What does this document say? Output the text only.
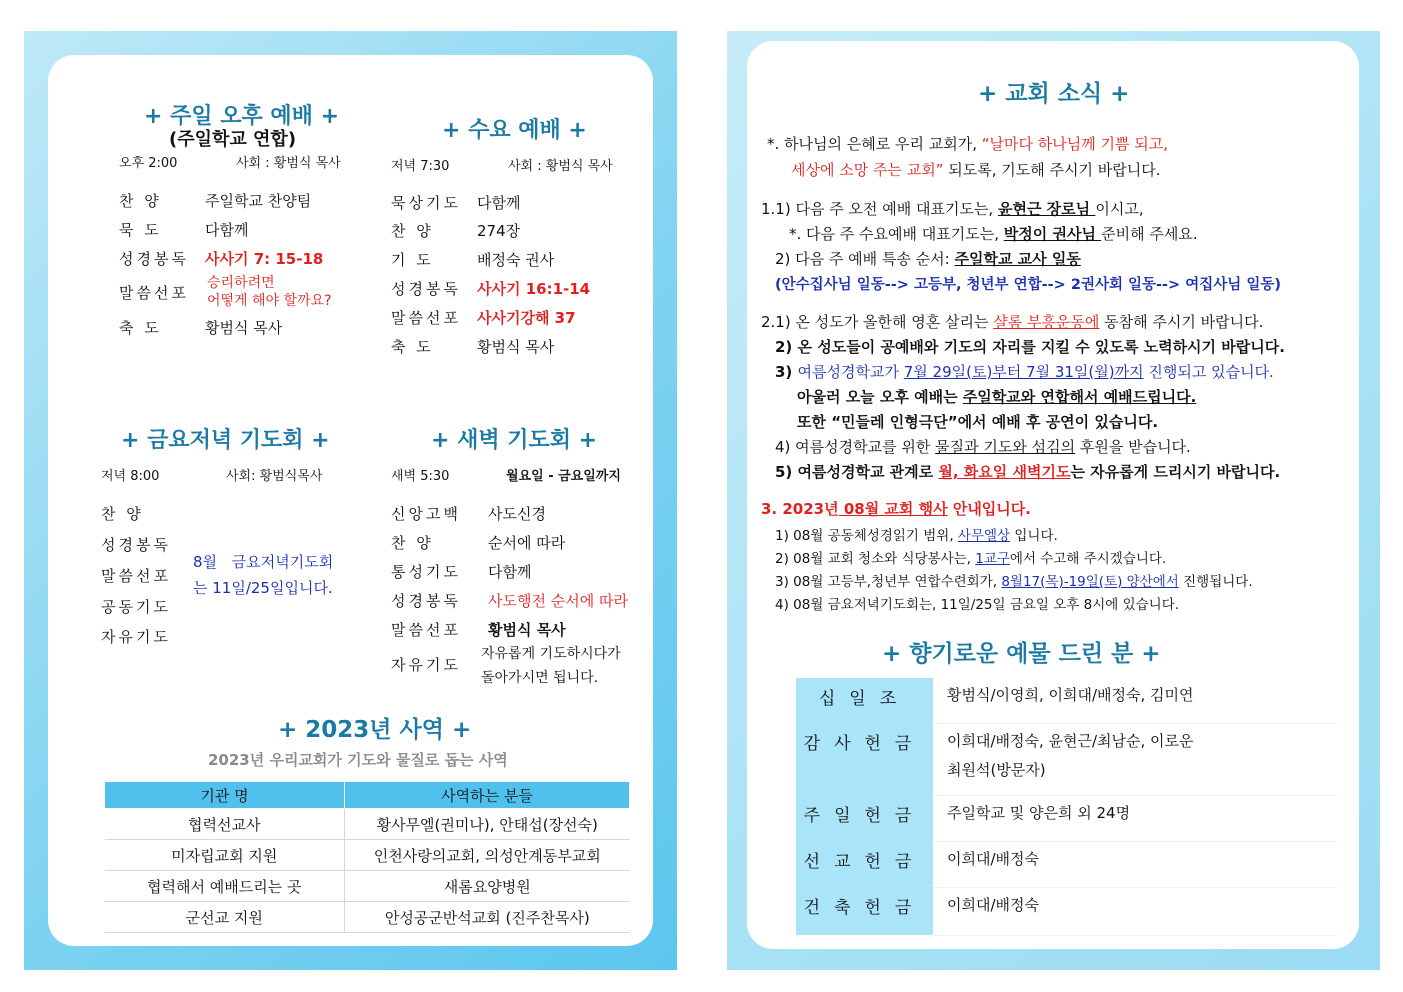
+ 주일 오후 예배 +
(주일학교 연합)
오후 2:00	사회 : 황범식 목사
찬 양	주일학교 찬양팀
묵 도	다함께
성경봉독 사사기 7: 15-18
말씀선포
승리하려면
어떻게 해야 할까요?
축 도	황범식 목사
+ 수요 예배 +
저녁 7:30	사회 : 황범식 목사
묵상기도 다함께
찬 양	274장
기 도	배정숙 권사
성경봉독 사사기 16:1-14
말씀선포 사사기강해 37
축 도	황범식 목사
+ 금요저녁 기도회 +
저녁 8:00	사회: 황범식목사
찬 양
성경봉독
말씀선포
공동기도
자유기도
8월 금요저녁기도회
는 11일/25일입니다.
+ 새벽 기도회 +
새벽 5:30	월요일 - 금요일까지
신앙고백 사도신경
찬 양	순서에 따라
통성기도 다함께
성경봉독 사도행전 순서에 따라
말씀선포 황범식 목사
자유기도
자유롭게 기도하시다가
돌아가시면 됩니다.
+ 2023년 사역 +
2023년 우리교회가 기도와 물질로 돕는 사역
기관 명	사역하는 분들
협력선교사	황사무엘(권미나), 안태섭(장선숙)
미자립교회 지원	인천사랑의교회, 의성안계동부교회
협력해서 예배드리는 곳	새롬요양병원
군선교 지원	안성공군반석교회 (진주찬목사)
+ 교회 소식 +
*. 하나님의 은혜로 우리 교회가, “날마다 하나님께 기쁨 되고,
세상에 소망 주는 교회” 되도록, 기도해 주시기 바랍니다.
1.1) 다음 주 오전 예배 대표기도는, 윤현근 장로님 이시고,
*. 다음 주 수요예배 대표기도는, 박정이 권사님 준비해 주세요.
2) 다음 주 예배 특송 순서: 주일학교 교사 일동
(안수집사님 일동--> 고등부, 청년부 연합--> 2권사회 일동--> 여집사님 일동)
2.1) 온 성도가 올한해 영혼 살리는 샬롬 부흥운동에 동참해 주시기 바랍니다.
2) 온 성도들이 공예배와 기도의 자리를 지킬 수 있도록 노력하시기 바랍니다.
3) 여름성경학교가 7월 29일(토)부터 7월 31일(월)까지 진행되고 있습니다.
아울러 오늘 오후 예배는 주일학교와 연합해서 예배드립니다.
또한 “민들레 인형극단”에서 예배 후 공연이 있습니다.
4) 여름성경학교를 위한 물질과 기도와 섬김의 후원을 받습니다.
5) 여름성경학교 관계로 월, 화요일 새벽기도는 자유롭게 드리시기 바랍니다.
3. 2023년 08월 교회 행사 안내입니다.
1) 08월 공동체성경읽기 범위, 사무엘상 입니다.
2) 08월 교회 청소와 식당봉사는, 1교구에서 수고해 주시겠습니다.
3) 08월 고등부,청년부 연합수련회가, 8월17(목)-19일(토) 양산에서 진행됩니다.
4) 08월 금요저녁기도회는, 11일/25일 금요일 오후 8시에 있습니다.
+ 향기로운 예물 드린 분 +
십일조	황범식/이영희, 이희대/배정숙, 김미연
감사헌금	이희대/배정숙, 윤현근/최남순, 이로운
최원석(방문자)

주일헌금	주일학교 및 양은희 외 24명
선교헌금	이희대/배정숙
건축헌금	이희대/배정숙
